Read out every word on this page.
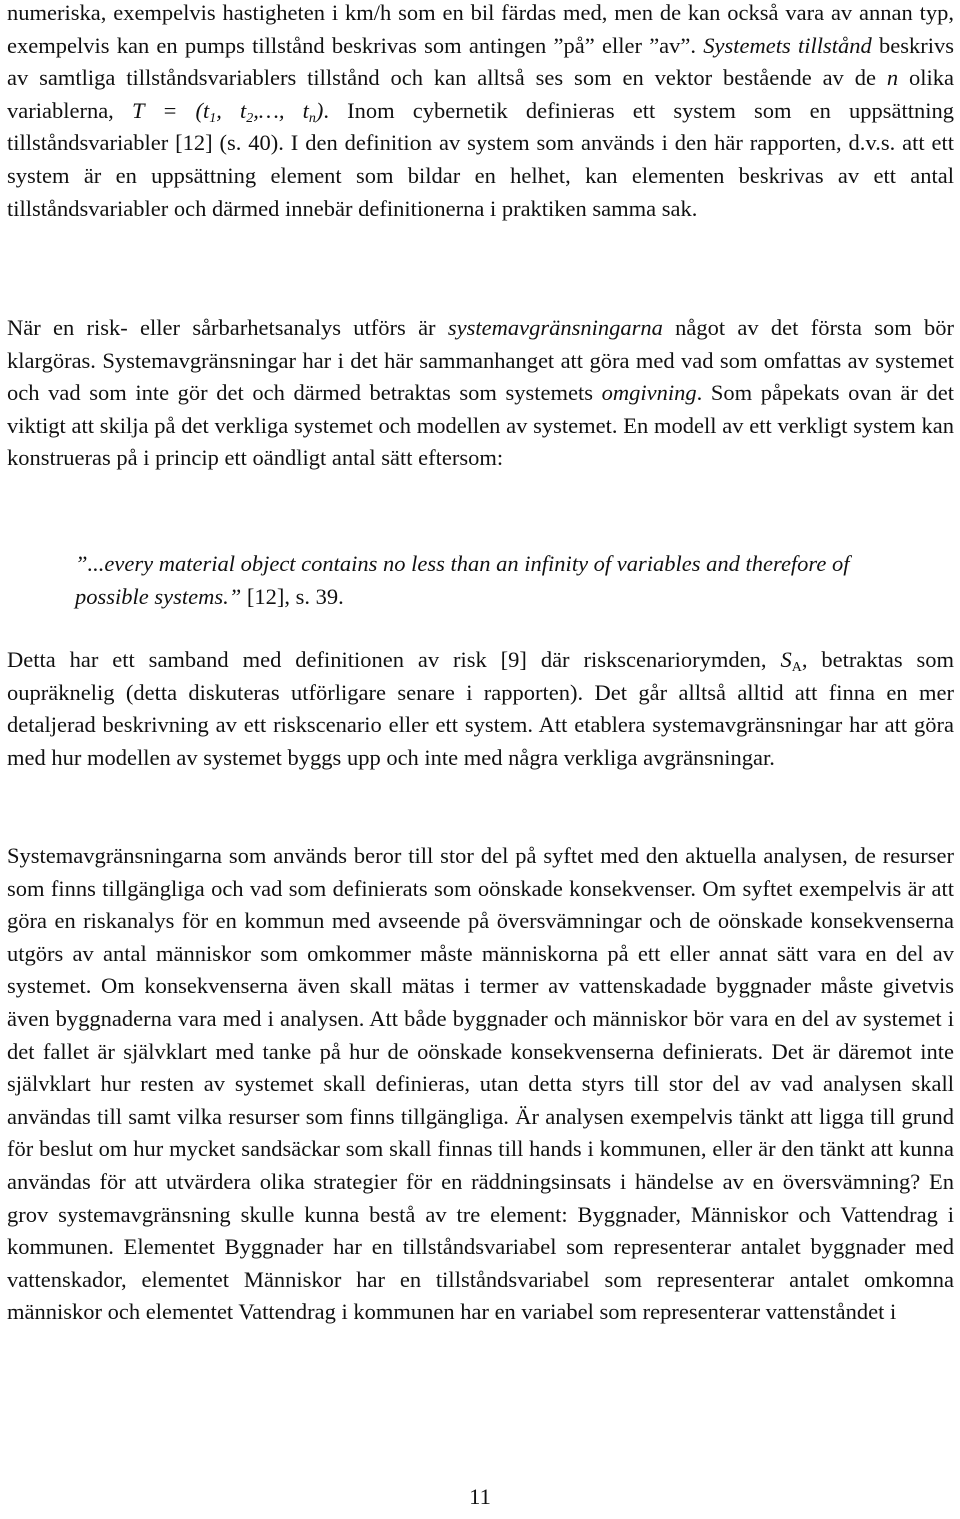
numeriska, exempelvis hastigheten i km/h som en bil färdas med, men de kan också vara av annan typ, exempelvis kan en pumps tillstånd beskrivas som antingen ”på” eller ”av”. Systemets tillstånd beskrivs av samtliga tillståndsvariablers tillstånd och kan alltså ses som en vektor bestående av de n olika variablerna, $T = (t_1$, $t_2,\dots$, $t_n$). Inom cybernetik definieras ett system som en uppsättning tillståndsvariabler [12] (s. 40). I den definition av system som används i den här rapporten, d.v.s. att ett system är en uppsättning element som bildar en helhet, kan elementen beskrivas av ett antal tillståndsvariabler och därmed innebär definitionerna i praktiken samma sak.

När en risk- eller sårbarhetsanalys utförs är systemavgränsningarna något av det första som bör klargöras. Systemavgränsningar har i det här sammanhanget att göra med vad som omfattas av systemet och vad som inte gör det och därmed betraktas som systemets omgivning. Som påpekats ovan är det viktigt att skilja på det verkliga systemet och modellen av systemet. En modell av ett verkligt system kan konstrueras på i princip ett oändligt antal sätt eftersom:

”...every material object contains no less than an infinity of variables and therefore of possible systems.” [12], s. 39.

Detta har ett samband med definitionen av risk [9] där riskscenariorymden, $S_A$, betraktas som oupräknelig (detta diskuteras utförligare senare i rapporten). Det går alltså alltid att finna en mer detaljerad beskrivning av ett riskscenario eller ett system. Att etablera systemavgränsningar har att göra med hur modellen av systemet byggs upp och inte med några verkliga avgränsningar.

Systemavgränsningarna som används beror till stor del på syftet med den aktuella analysen, de resurser som finns tillgängliga och vad som definierats som oönskade konsekvenser. Om syftet exempelvis är att göra en riskanalys för en kommun med avseende på översvämningar och de oönskade konsekvenserna utgörs av antal människor som omkommer måste människorna på ett eller annat sätt vara en del av systemet. Om konsekvenserna även skall mätas i termer av vattenskadade byggnader måste givetvis även byggnaderna vara med i analysen. Att både byggnader och människor bör vara en del av systemet i det fallet är självklart med tanke på hur de oönskade konsekvenserna definierats. Det är däremot inte självklart hur resten av systemet skall definieras, utan detta styrs till stor del av vad analysen skall användas till samt vilka resurser som finns tillgängliga. Är analysen exempelvis tänkt att ligga till grund för beslut om hur mycket sandsäckar som skall finnas till hands i kommunen, eller är den tänkt att kunna användas för att utvärdera olika strategier för en räddningsinsats i händelse av en översvämning? En grov systemavgränsning skulle kunna bestå av tre element: Byggnader, Människor och Vattendrag i kommunen. Elementet Byggnader har en tillståndsvariabel som representerar antalet byggnader med vattenskador, elementet Människor har en tillståndsvariabel som representerar antalet omkomna människor och elementet Vattendrag i kommunen har en variabel som representerar vattenståndet i

11
